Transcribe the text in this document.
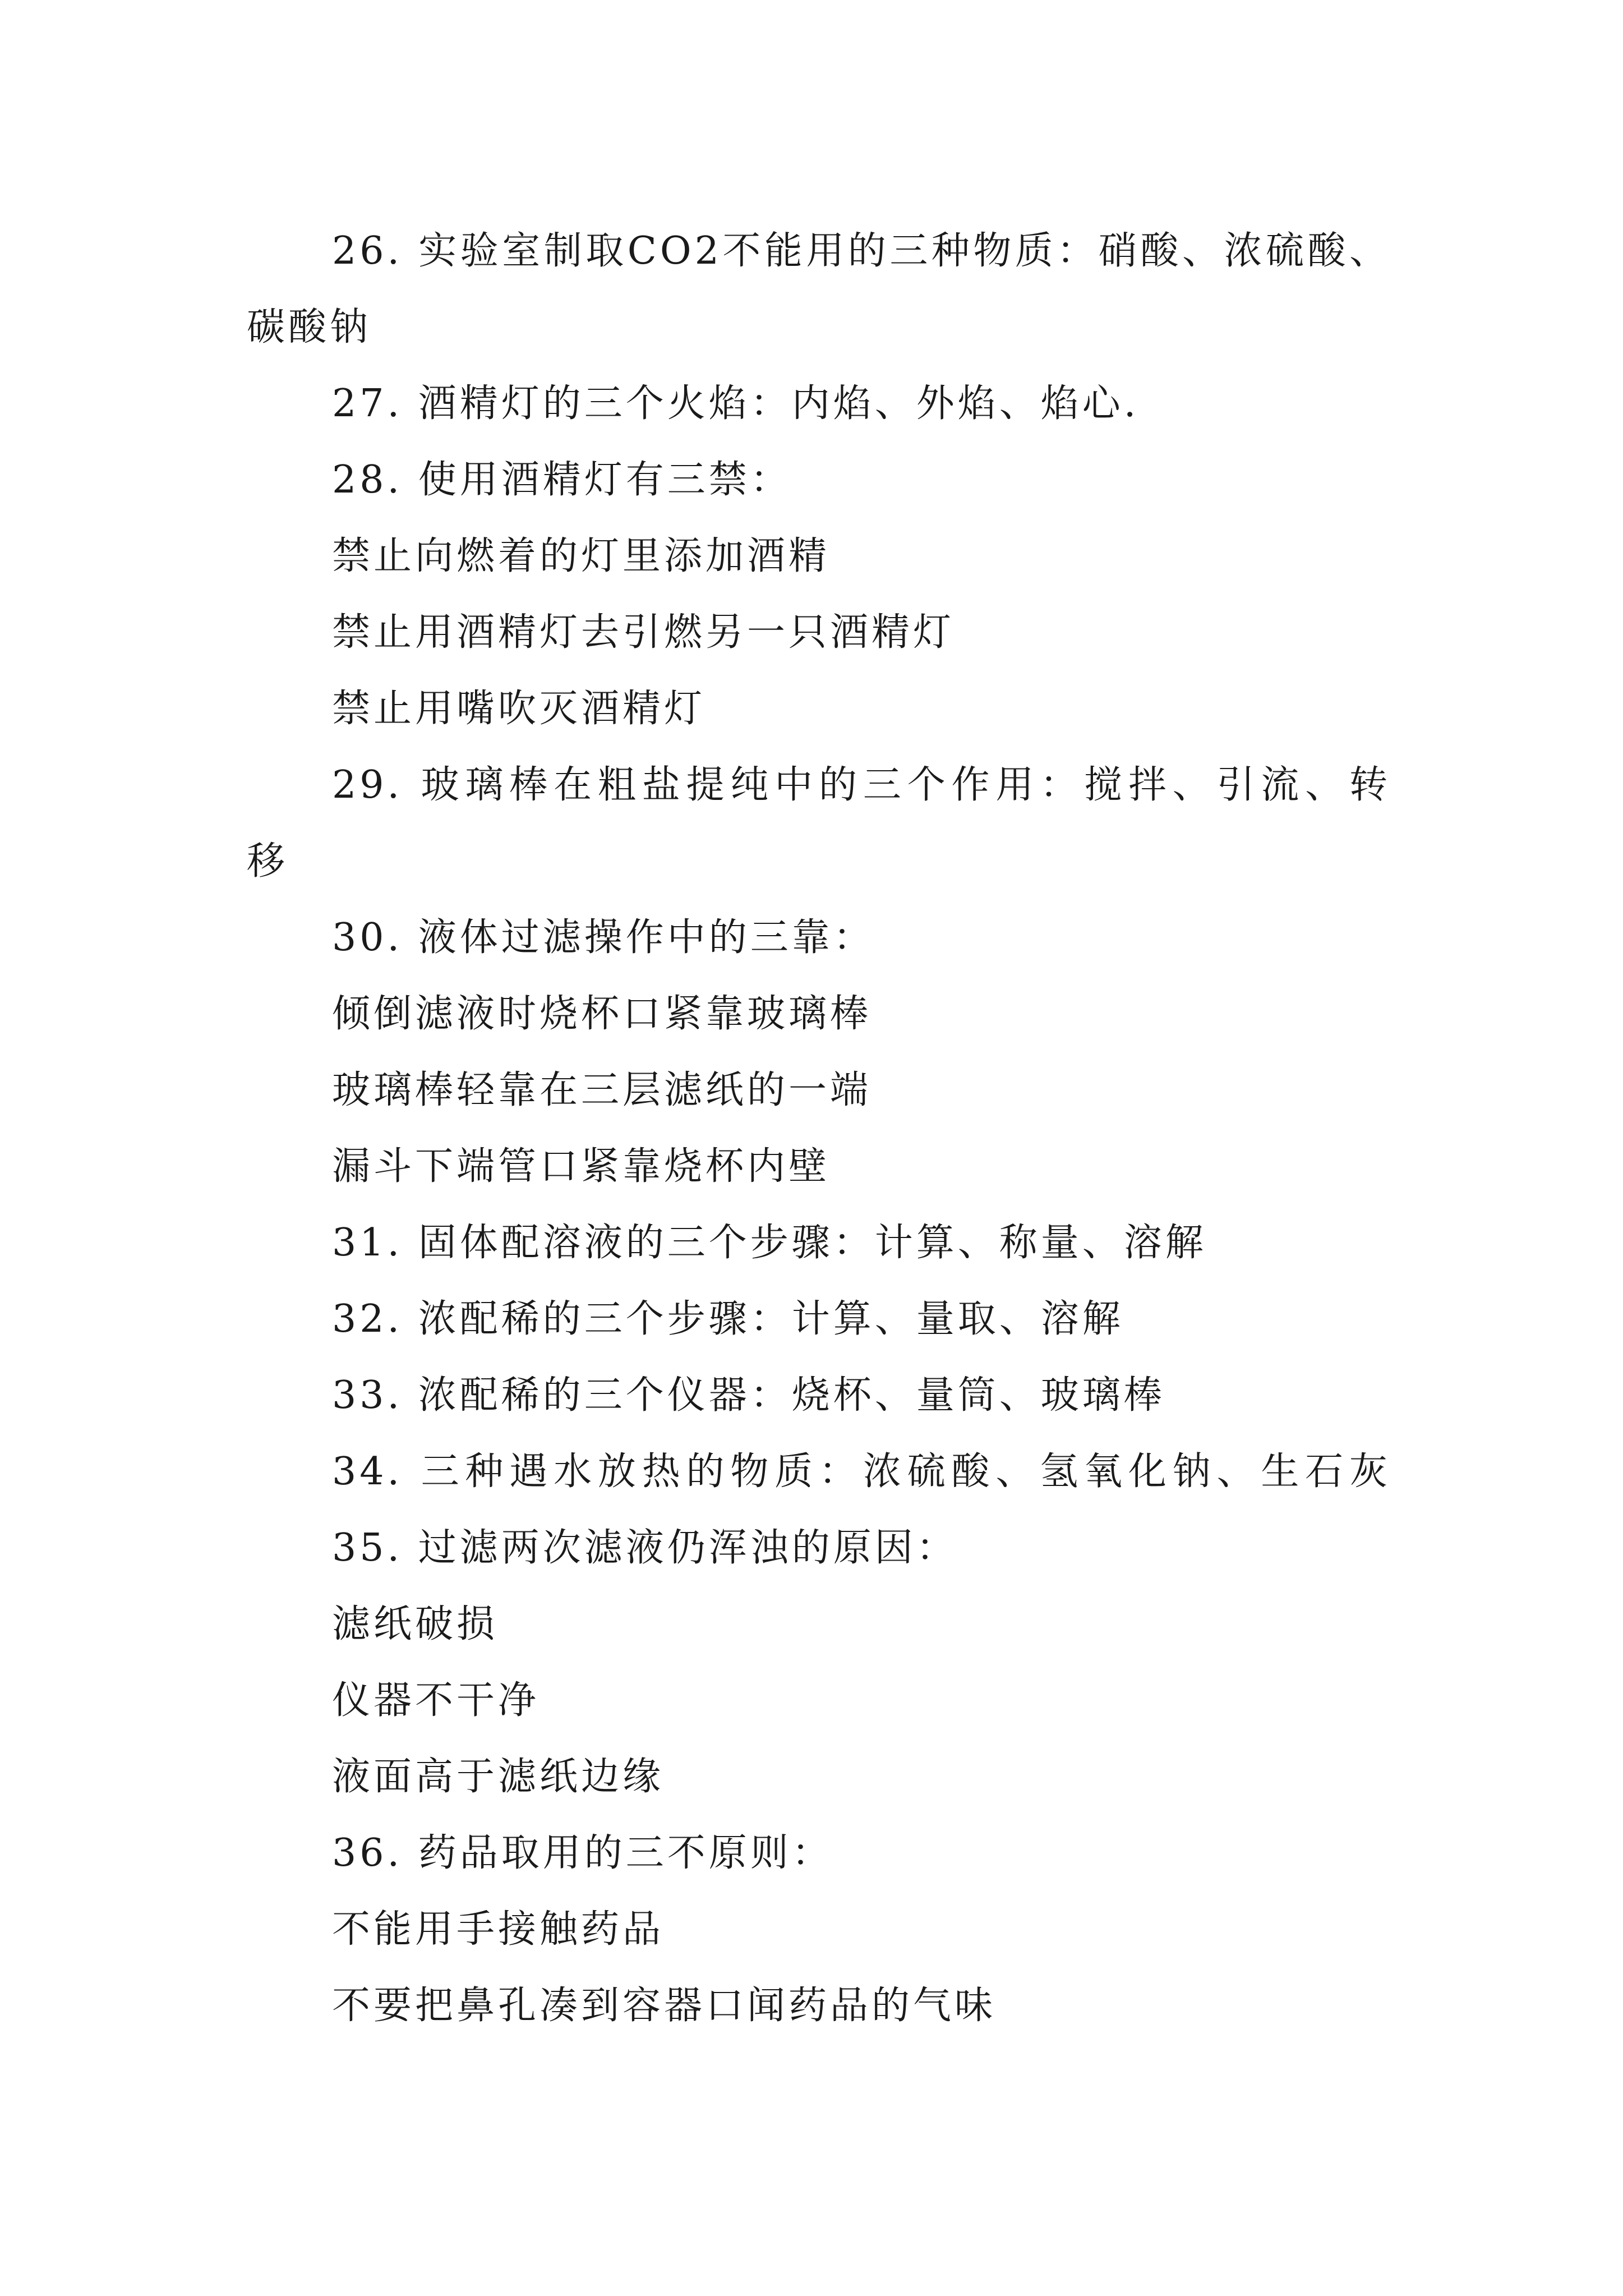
26. 实验室制取CO2不能用的三种物质：硝酸、浓硫酸、
碳酸钠
27. 酒精灯的三个火焰：内焰、外焰、焰心.
28. 使用酒精灯有三禁：
禁止向燃着的灯里添加酒精
禁止用酒精灯去引燃另一只酒精灯
禁止用嘴吹灭酒精灯
29. 玻璃棒在粗盐提纯中的三个作用：搅拌、引流、转
移
30. 液体过滤操作中的三靠：
倾倒滤液时烧杯口紧靠玻璃棒
玻璃棒轻靠在三层滤纸的一端
漏斗下端管口紧靠烧杯内壁
31. 固体配溶液的三个步骤：计算、称量、溶解
32. 浓配稀的三个步骤：计算、量取、溶解
33. 浓配稀的三个仪器：烧杯、量筒、玻璃棒
34. 三种遇水放热的物质：浓硫酸、氢氧化钠、生石灰
35. 过滤两次滤液仍浑浊的原因：
滤纸破损
仪器不干净
液面高于滤纸边缘
36. 药品取用的三不原则：
不能用手接触药品
不要把鼻孔凑到容器口闻药品的气味
